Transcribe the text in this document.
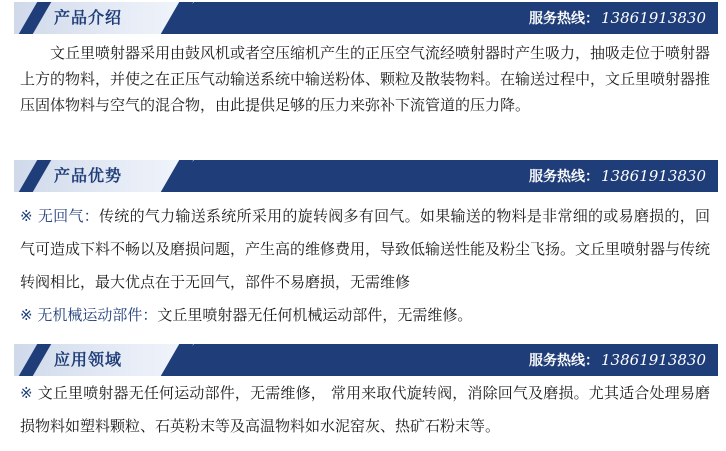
产品介绍	服务热线： 13861913830
文丘里喷射器采用由鼓风机或者空压缩机产生的正压空气流经喷射器时产生吸力，抽吸走位于喷射器上方的物料，并使之在正压气动输送系统中输送粉体、颗粒及散装物料。在输送过程中，文丘里喷射器推压固体物料与空气的混合物，由此提供足够的压力来弥补下流管道的压力降。
产品优势	服务热线： 13861913830
※ 无回气：传统的气力输送系统所采用的旋转阀多有回气。如果输送的物料是非常细的或易磨损的，回气可造成下料不畅以及磨损问题，产生高的维修费用，导致低输送性能及粉尘飞扬。文丘里喷射器与传统转阀相比，最大优点在于无回气，部件不易磨损，无需维修
※ 无机械运动部件：文丘里喷射器无任何机械运动部件，无需维修。
应用领域	服务热线： 13861913830
※ 文丘里喷射器无任何运动部件，无需维修， 常用来取代旋转阀，消除回气及磨损。尤其适合处理易磨损物料如塑料颗粒、石英粉末等及高温物料如水泥窑灰、热矿石粉末等。
